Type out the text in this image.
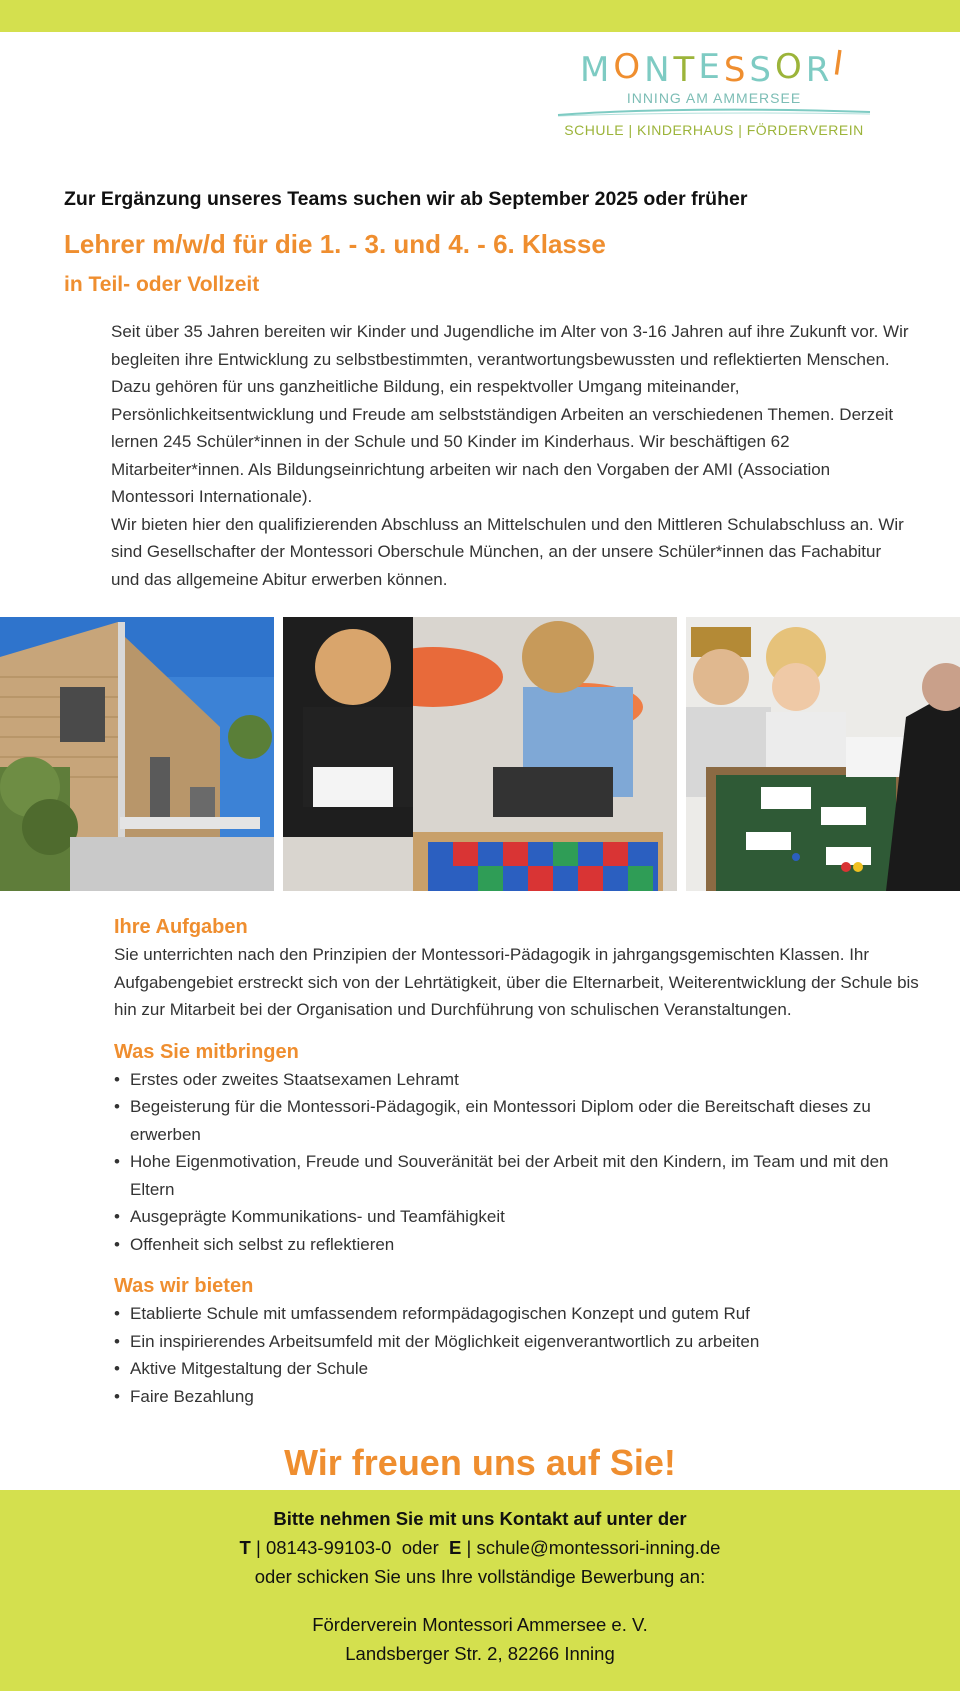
M O N T E S S O R
I
INNING AM AMMERSEE
SCHULE | KINDERHAUS | FÖRDERVEREIN
Zur Ergänzung unseres Teams suchen wir ab September 2025 oder früher
Lehrer m/w/d für die 1. - 3. und 4. - 6. Klasse
in Teil- oder Vollzeit

Seit über 35 Jahren bereiten wir Kinder und Jugendliche im Alter von 3-16 Jahren auf ihre Zukunft vor. Wir begleiten ihre Entwicklung zu selbstbestimmten, verantwortungsbewussten und reflektierten Menschen. Dazu gehören für uns ganzheitliche Bildung, ein respektvoller Umgang miteinander, Persönlichkeitsentwicklung und Freude am selbstständigen Arbeiten an verschiedenen Themen. Derzeit lernen 245 Schüler*innen in der Schule und 50 Kinder im Kinderhaus. Wir beschäftigen 62 Mitarbeiter*innen. Als Bildungseinrichtung arbeiten wir nach den Vorgaben der AMI (Association Montessori Internationale).

Wir bieten hier den qualifizierenden Abschluss an Mittelschulen und den Mittleren Schulabschluss an. Wir sind Gesellschafter der Montessori Oberschule München, an der unsere Schüler*innen das Fachabitur und das allgemeine Abitur erwerben können.

Ihre Aufgaben

Sie unterrichten nach den Prinzipien der Montessori-Pädagogik in jahrgangsgemischten Klassen. Ihr Aufgabengebiet erstreckt sich von der Lehrtätigkeit, über die Elternarbeit, Weiterentwicklung der Schule bis hin zur Mitarbeit bei der Organisation und Durchführung von schulischen Veranstaltungen.

Was Sie mitbringen
• Erstes oder zweites Staatsexamen Lehramt
• Begeisterung für die Montessori-Pädagogik, ein Montessori Diplom oder die Bereitschaft dieses zu erwerben
• Hohe Eigenmotivation, Freude und Souveränität bei der Arbeit mit den Kindern, im Team und mit den Eltern
• Ausgeprägte Kommunikations- und Teamfähigkeit
• Offenheit sich selbst zu reflektieren
Was wir bieten
• Etablierte Schule mit umfassendem reformpädagogischen Konzept und gutem Ruf
• Ein inspirierendes Arbeitsumfeld mit der Möglichkeit eigenverantwortlich zu arbeiten
• Aktive Mitgestaltung der Schule
• Faire Bezahlung
Wir freuen uns auf Sie!
Bitte nehmen Sie mit uns Kontakt auf unter der
T | 08143-99103-0 oder E | schule@montessori-inning.de
oder schicken Sie uns Ihre vollständige Bewerbung an:
Förderverein Montessori Ammersee e. V.
Landsberger Str. 2, 82266 Inning
